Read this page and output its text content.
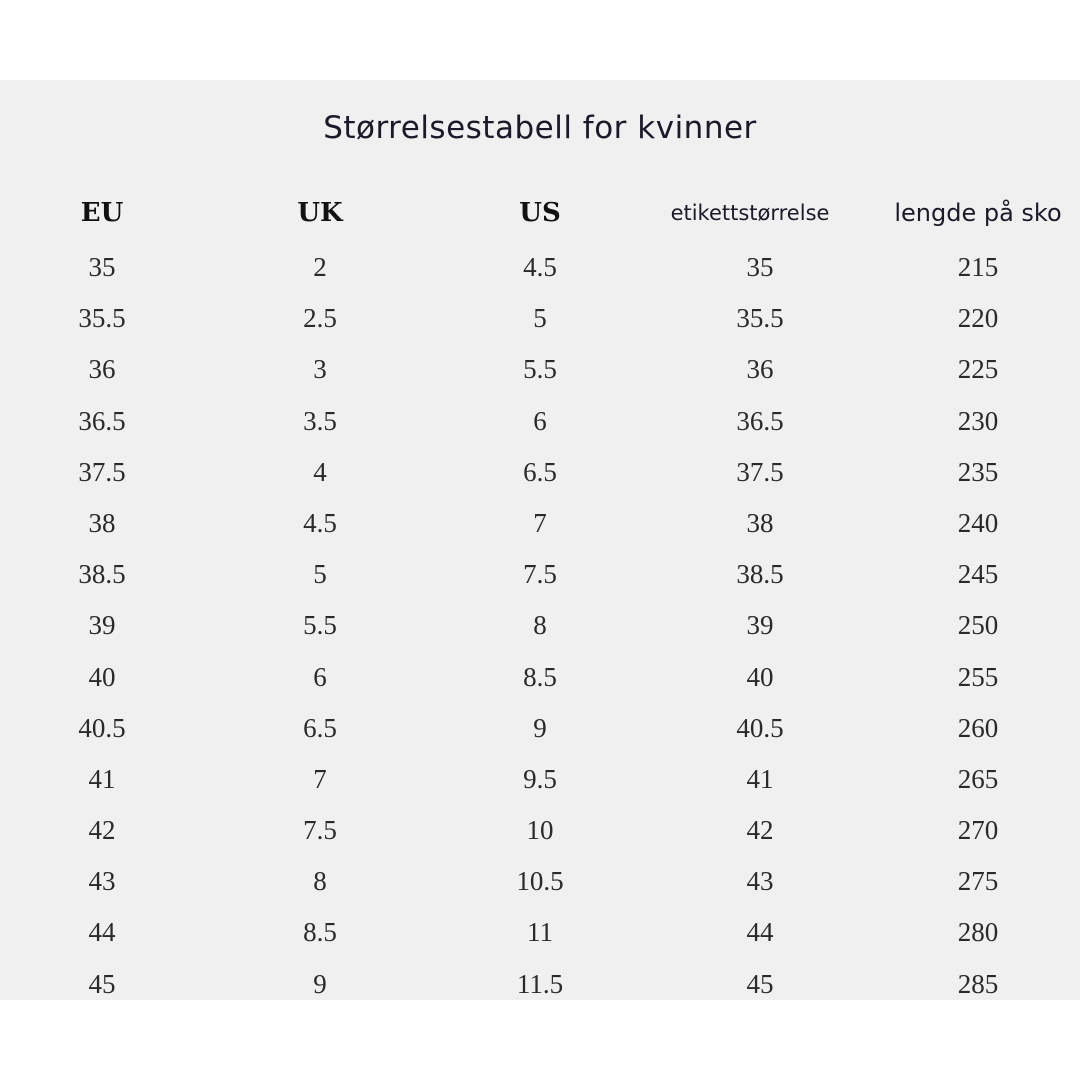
Størrelsestabell for kvinner
EU
35
35.5
36
36.5
37.5
38
38.5
39
40
40.5
41
42
43
44
45
UK
2
2.5
3
3.5
4
4.5
5
5.5
6
6.5
7
7.5
8
8.5
9
US
4.5
5
5.5
6
6.5
7
7.5
8
8.5
9
9.5
10
10.5
11
11.5
etikettstørrelse
35
35.5
36
36.5
37.5
38
38.5
39
40
40.5
41
42
43
44
45
lengde på sko
215
220
225
230
235
240
245
250
255
260
265
270
275
280
285
